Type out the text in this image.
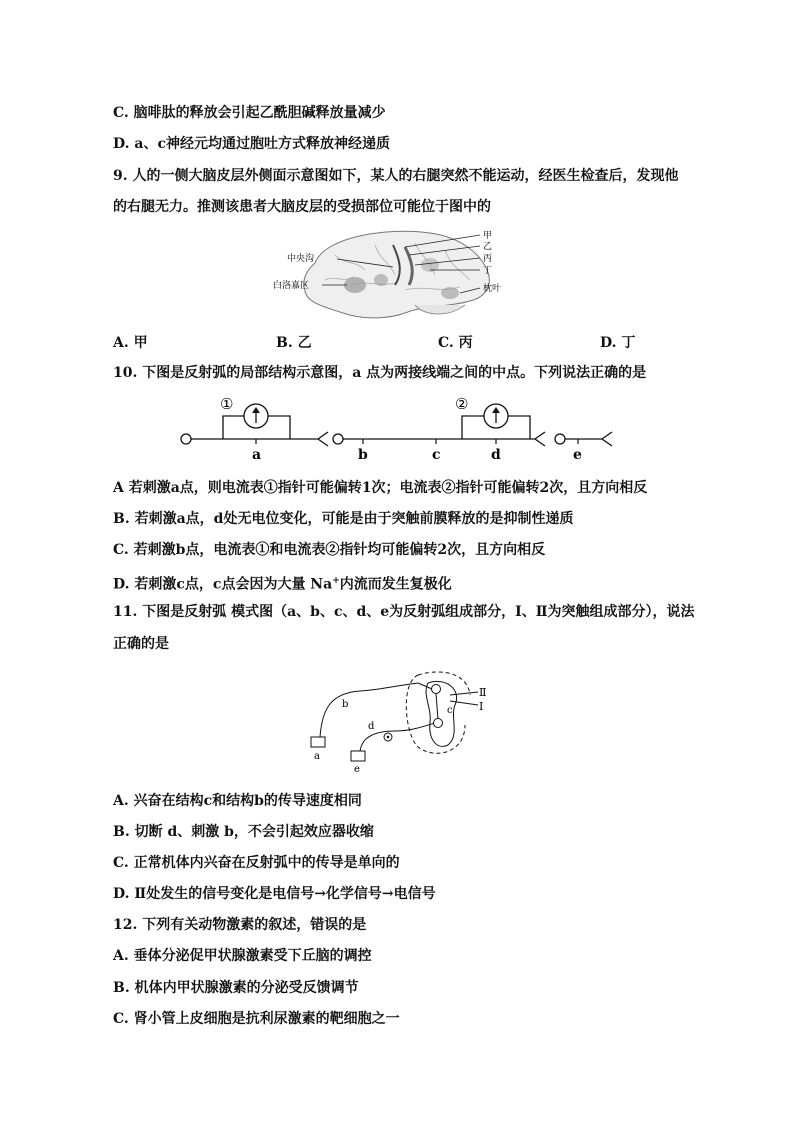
C. 脑啡肽的释放会引起乙酰胆碱释放量减少
D. a、c神经元均通过胞吐方式释放神经递质
9. 人的一侧大脑皮层外侧面示意图如下，某人的右腿突然不能运动，经医生检查后，发现他
的右腿无力。推测该患者大脑皮层的受损部位可能位于图中的
中央沟
白洛嘉区
甲
乙
丙
丁
枕叶
A. 甲	B. 乙	C. 丙	D. 丁
10. 下图是反射弧的局部结构示意图，a 点为两接线端之间的中点。下列说法正确的是
①	②
a	b	c	d	e
A 若刺激a点，则电流表①指针可能偏转1次；电流表②指针可能偏转2次，且方向相反
B. 若刺激a点，d处无电位变化，可能是由于突触前膜释放的是抑制性递质
C. 若刺激b点，电流表①和电流表②指针均可能偏转2次，且方向相反
D. 若刺激c点，c点会因为大量 Na+内流而发生复极化
11. 下图是反射弧 模式图（a、b、c、d、e为反射弧组成部分，Ⅰ、Ⅱ为突触组成部分），说法
正确的是
a
b
c
d
e
Ⅱ
Ⅰ
A. 兴奋在结构c和结构b的传导速度相同
B. 切断 d、刺激 b，不会引起效应器收缩
C. 正常机体内兴奋在反射弧中的传导是单向的
D. Ⅱ处发生的信号变化是电信号→化学信号→电信号
12. 下列有关动物激素的叙述，错误的是
A. 垂体分泌促甲状腺激素受下丘脑的调控
B. 机体内甲状腺激素的分泌受反馈调节
C. 肾小管上皮细胞是抗利尿激素的靶细胞之一
